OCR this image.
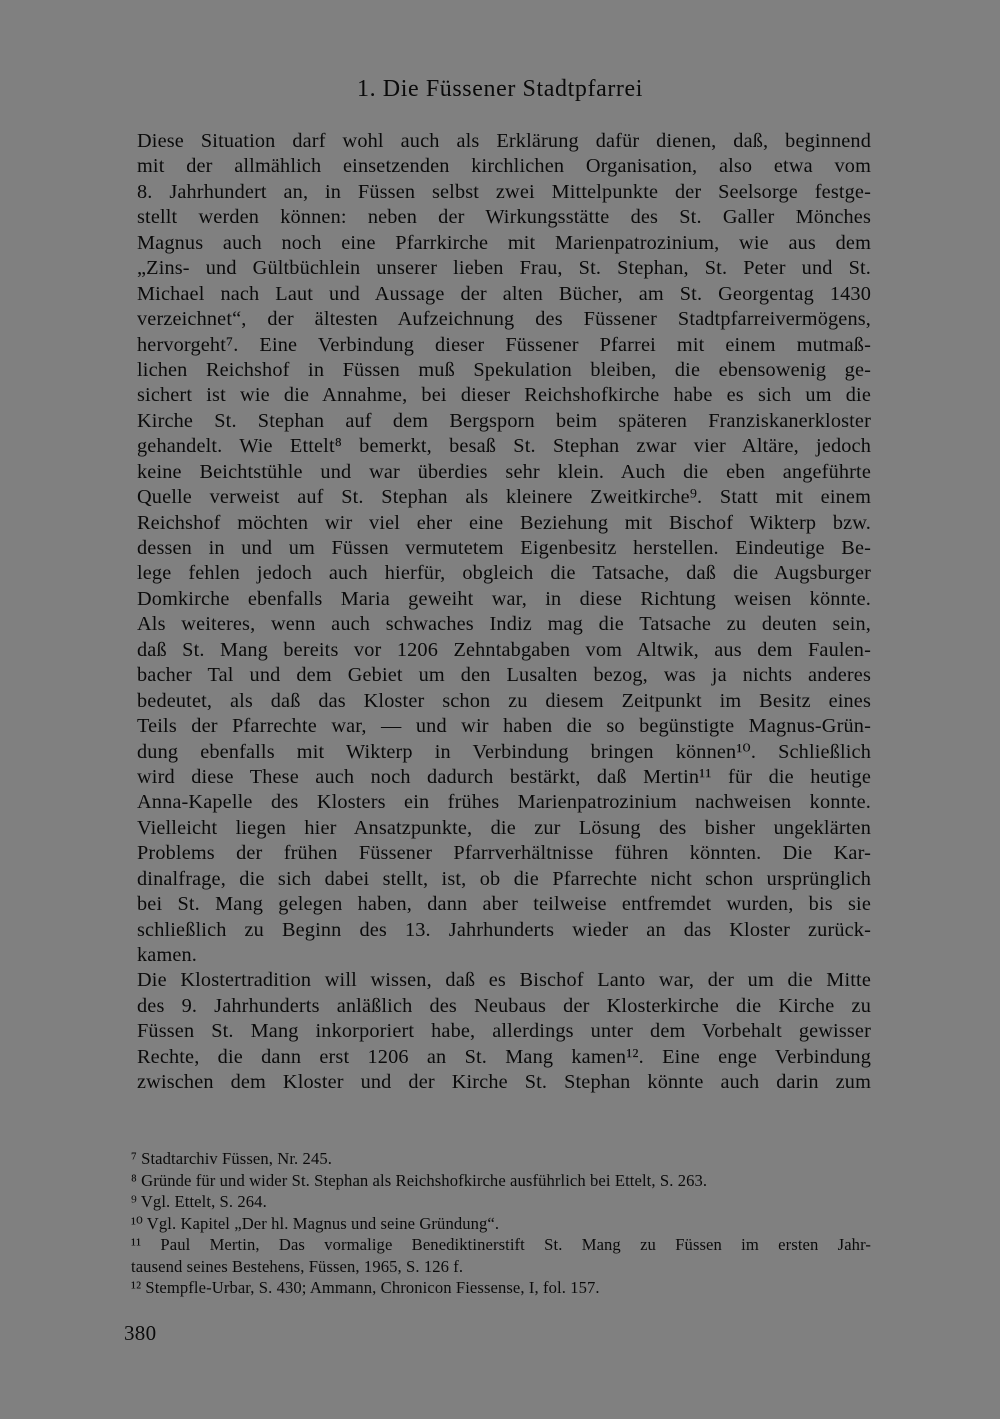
1. Die Füssener Stadtpfarrei
Diese Situation darf wohl auch als Erklärung dafür dienen, daß, beginnend
mit der allmählich einsetzenden kirchlichen Organisation, also etwa vom
8. Jahrhundert an, in Füssen selbst zwei Mittelpunkte der Seelsorge festge-
stellt werden können: neben der Wirkungsstätte des St. Galler Mönches
Magnus auch noch eine Pfarrkirche mit Marienpatrozinium, wie aus dem
„Zins- und Gültbüchlein unserer lieben Frau, St. Stephan, St. Peter und St.
Michael nach Laut und Aussage der alten Bücher, am St. Georgentag 1430
verzeichnet“, der ältesten Aufzeichnung des Füssener Stadtpfarreivermögens,
hervorgeht⁷. Eine Verbindung dieser Füssener Pfarrei mit einem mutmaß-
lichen Reichshof in Füssen muß Spekulation bleiben, die ebensowenig ge-
sichert ist wie die Annahme, bei dieser Reichshofkirche habe es sich um die
Kirche St. Stephan auf dem Bergsporn beim späteren Franziskanerkloster
gehandelt. Wie Ettelt⁸ bemerkt, besaß St. Stephan zwar vier Altäre, jedoch
keine Beichtstühle und war überdies sehr klein. Auch die eben angeführte
Quelle verweist auf St. Stephan als kleinere Zweitkirche⁹. Statt mit einem
Reichshof möchten wir viel eher eine Beziehung mit Bischof Wikterp bzw.
dessen in und um Füssen vermutetem Eigenbesitz herstellen. Eindeutige Be-
lege fehlen jedoch auch hierfür, obgleich die Tatsache, daß die Augsburger
Domkirche ebenfalls Maria geweiht war, in diese Richtung weisen könnte.
Als weiteres, wenn auch schwaches Indiz mag die Tatsache zu deuten sein,
daß St. Mang bereits vor 1206 Zehntabgaben vom Altwik, aus dem Faulen-
bacher Tal und dem Gebiet um den Lusalten bezog, was ja nichts anderes
bedeutet, als daß das Kloster schon zu diesem Zeitpunkt im Besitz eines
Teils der Pfarrechte war, — und wir haben die so begünstigte Magnus-Grün-
dung ebenfalls mit Wikterp in Verbindung bringen können¹⁰. Schließlich
wird diese These auch noch dadurch bestärkt, daß Mertin¹¹ für die heutige
Anna-Kapelle des Klosters ein frühes Marienpatrozinium nachweisen konnte.
Vielleicht liegen hier Ansatzpunkte, die zur Lösung des bisher ungeklärten
Problems der frühen Füssener Pfarrverhältnisse führen könnten. Die Kar-
dinalfrage, die sich dabei stellt, ist, ob die Pfarrechte nicht schon ursprünglich
bei St. Mang gelegen haben, dann aber teilweise entfremdet wurden, bis sie
schließlich zu Beginn des 13. Jahrhunderts wieder an das Kloster zurück-
kamen.
Die Klostertradition will wissen, daß es Bischof Lanto war, der um die Mitte
des 9. Jahrhunderts anläßlich des Neubaus der Klosterkirche die Kirche zu
Füssen St. Mang inkorporiert habe, allerdings unter dem Vorbehalt gewisser
Rechte, die dann erst 1206 an St. Mang kamen¹². Eine enge Verbindung
zwischen dem Kloster und der Kirche St. Stephan könnte auch darin zum
⁷ Stadtarchiv Füssen, Nr. 245.
⁸ Gründe für und wider St. Stephan als Reichshofkirche ausführlich bei Ettelt, S. 263.
⁹ Vgl. Ettelt, S. 264.
¹⁰ Vgl. Kapitel „Der hl. Magnus und seine Gründung“.
¹¹ Paul Mertin, Das vormalige Benediktinerstift St. Mang zu Füssen im ersten Jahr-
tausend seines Bestehens, Füssen, 1965, S. 126 f.
¹² Stempfle-Urbar, S. 430; Ammann, Chronicon Fiessense, I, fol. 157.
380
